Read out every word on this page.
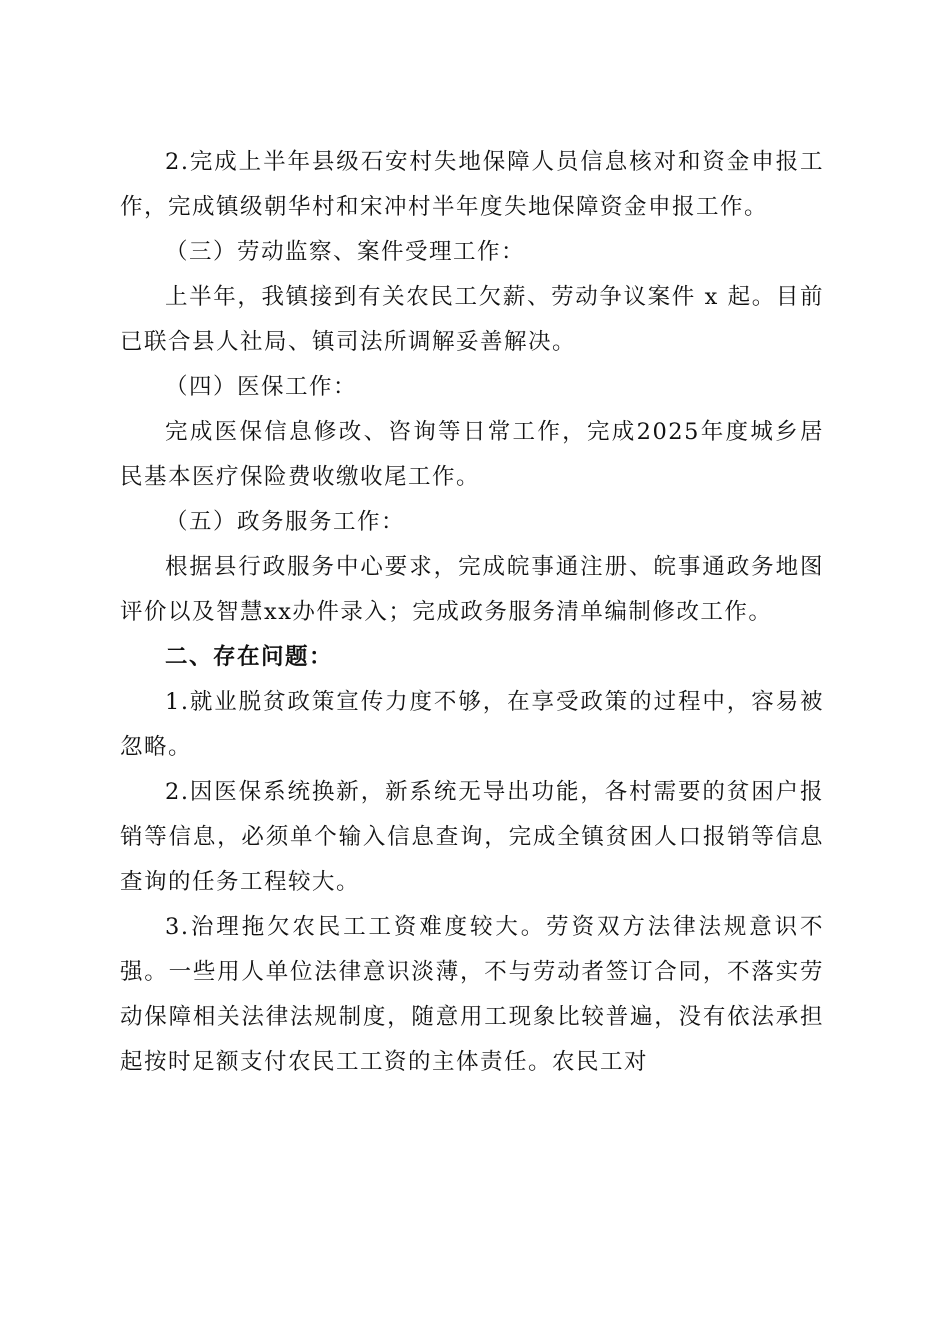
2.完成上半年县级石安村失地保障人员信息核对和资金申报工作，完成镇级朝华村和宋冲村半年度失地保障资金申报工作。

（三）劳动监察、案件受理工作：

上半年，我镇接到有关农民工欠薪、劳动争议案件 x 起。目前已联合县人社局、镇司法所调解妥善解决。

（四）医保工作：

完成医保信息修改、咨询等日常工作，完成2025年度城乡居民基本医疗保险费收缴收尾工作。

（五）政务服务工作：

根据县行政服务中心要求，完成皖事通注册、皖事通政务地图评价以及智慧xx办件录入；完成政务服务清单编制修改工作。

二、存在问题：

1.就业脱贫政策宣传力度不够，在享受政策的过程中，容易被忽略。

2.因医保系统换新，新系统无导出功能，各村需要的贫困户报销等信息，必须单个输入信息查询，完成全镇贫困人口报销等信息查询的任务工程较大。

3.治理拖欠农民工工资难度较大。劳资双方法律法规意识不强。一些用人单位法律意识淡薄，不与劳动者签订合同，不落实劳动保障相关法律法规制度，随意用工现象比较普遍，没有依法承担起按时足额支付农民工工资的主体责任。农民工对
